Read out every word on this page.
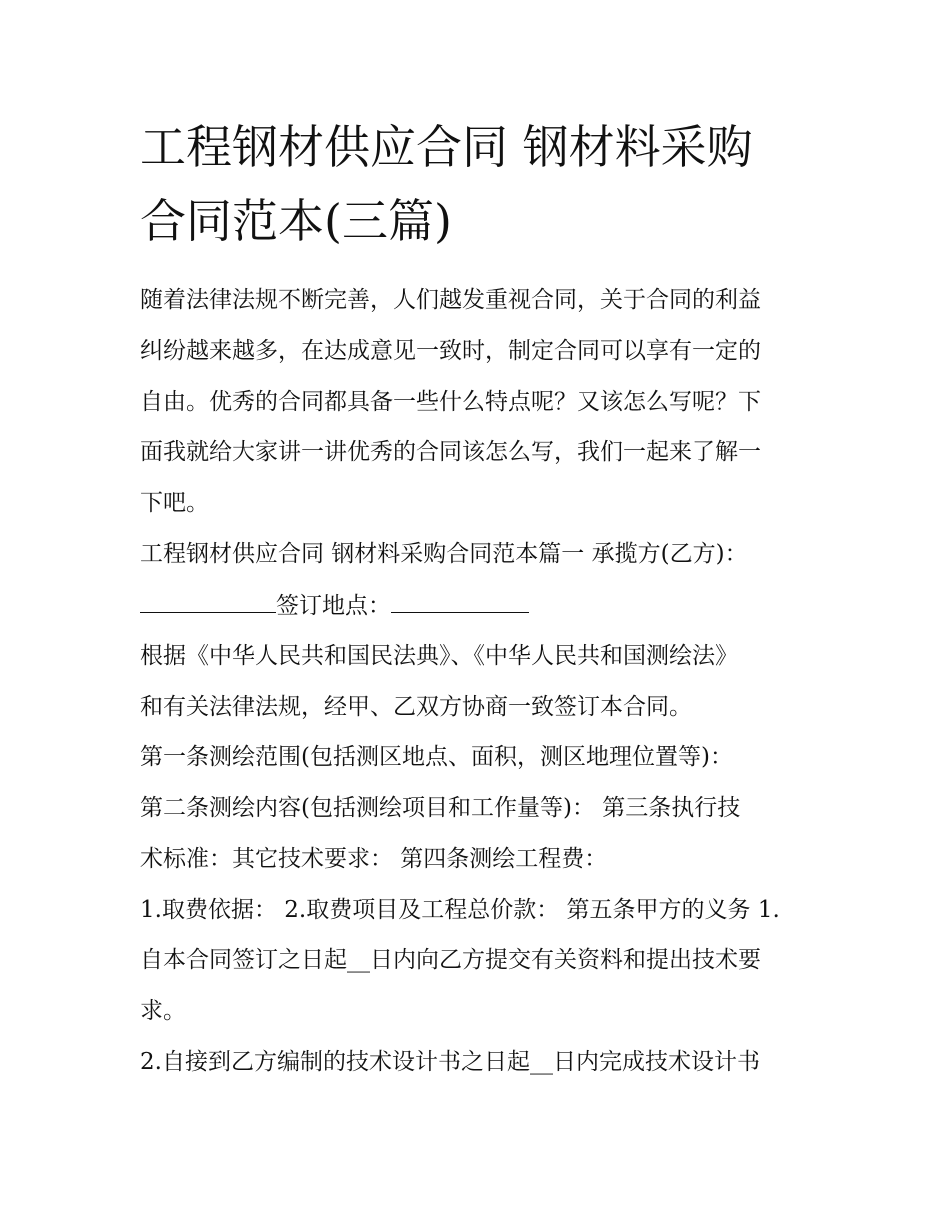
工程钢材供应合同 钢材料采购
合同范本(三篇)

随着法律法规不断完善，人们越发重视合同，关于合同的利益

纠纷越来越多，在达成意见一致时，制定合同可以享有一定的

自由。优秀的合同都具备一些什么特点呢？又该怎么写呢？下

面我就给大家讲一讲优秀的合同该怎么写，我们一起来了解一

下吧。

工程钢材供应合同 钢材料采购合同范本篇一 承揽方(乙方)：

签订地点：

根据《中华人民共和国民法典》、《中华人民共和国测绘法》

和有关法律法规，经甲、乙双方协商一致签订本合同。

第一条测绘范围(包括测区地点、面积，测区地理位置等)：

第二条测绘内容(包括测绘项目和工作量等)： 第三条执行技

术标准：其它技术要求： 第四条测绘工程费：

1.取费依据： 2.取费项目及工程总价款： 第五条甲方的义务 1.

自本合同签订之日起__日内向乙方提交有关资料和提出技术要

求。

2.自接到乙方编制的技术设计书之日起__日内完成技术设计书
